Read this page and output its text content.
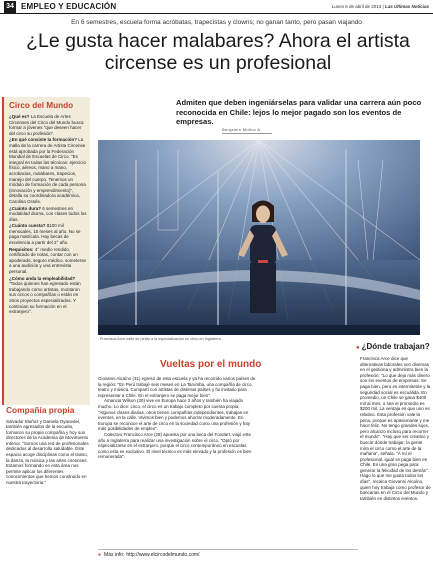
34 EMPLEO Y EDUCACIÓN	Lunes 6 de abril de 2013 | Las Últimas Noticias
En 6 semestres, escuela forma acróbatas, trapecistas y clowns; no ganan tanto, pero pasan viajando
¿Le gusta hacer malabares? Ahora el artista circense es un profesional
Admiten que deben ingeniárselas para validar una carrera aún poco reconocida en Chile: lejos lo mejor pagado son los eventos de empresas.
Benjamín Muñoz A.
Circo del Mundo
¿Qué es? La Escuela de Artes Circenses del Circo del Mundo busca formar a jóvenes "que deseen hacer del circo su profesión".
¿En qué consiste la formación? La malla de la carrera de Artista Circense está aprobada por la Federación Mundial de Escuelas de Circo. "Es integral en todas las técnicas: ejercicio físico, aéreos, mano a mano, acrobacias, malabares, trapecios, manejo del cuerpo. Tenemos un módulo de formación de cada persona (innovación y emprendimiento)", detalla su coordinadora académica, Carolina Ossés.
¿Cuánto dura? 6 semestres en modalidad diurna, con clases todos los días.
¿Cuánto cuesta? $100 mil mensuales, 10 meses al año. No se paga matrícula. Hay becas de excelencia a partir del 2° año.
Requisitos: 4° medio rendido, certificado de notas, contar con un apoderado, seguro médico, someterse a una audición y una entrevista personal.
¿Cómo anda la empleabilidad? "Todos quienes han egresado están trabajando como artistas, montaron sus circos o compañías o están en otros proyectos especializados. Y continúan su formación en el extranjero".
Francisca Arce saltó de pintar a la especialización en circo en Inglaterra.
Compañía propia
Salvador Muñoz y Daniela Oyanedel, también egresados de la escuela, formaron su propia compañía y hoy son directores de la Academia de Movimiento Interior. "Somos una red de profesionales dedicados al desarrollo saludable. Este espacio acoge disciplinas como el teatro, la danza, la música y las artes circenses. Estamos formando en esta área nos permite aplicar los diferentes conocimientos que hemos construido en nuestra trayectoria."
Vueltas por el mundo

Giovanni Alcaíno (31) egresó de esta escuela y ya ha recorrido varios países de la región: "En Perú trabajé seis meses en La Tarumba, una compañía de circo, teatro y música. Compartí con artistas de distintos países y fui invitado para representar a Chile. En el extranjero se paga mejor bien".

Amancia Wilson (30) vive en Europa hace 2 años y también ha viajado mucho. Lo dice: circo, el circo es un trabajo completo por cuenta propia: "Algunos clases diarias, otros tienen compañías independientes, trabajan en eventos, en la calle. Vivimos bien y podemos ahorrar moderadamente. En Europa se reconoce el arte de circo en la sociedad como una profesión y hay más posibilidades de empleo".

Colectivo Francisco Arce (28) apuesta por una beca del Fondart, viajó este año a Inglaterra para realizar una investigación sobre el circo. "Optó por especializarse en el extranjero, porque el circo contemporáneo en escuelas como esta es exclusivo. El nivel técnico es más elevado y la profesión es bien remunerada".

● Más info: http://www.elcircodelmundo.com/
● ¿Dónde trabajan?
Francisca Arce dice que alternativas laborales son diversas en el gestiona y administra bien la profesión: "Lo que deja más dinero son los eventos de empresas. Se paga bien, pero es intermitente y la seguridad social es escuálida. En promedio, un Chile se gana $400 mil al mes, o sea el promedio es $200 mil. La ventaja es que uno es relativo. Esta profesión vale la pena, porque es apasionante y me hace feliz. No tengo grandes lujos, pero alcanzo incluso para recorrer el mundo". "Hay que ser creativo y buscar dónde trabajar: la gente mira el circo como el arte de la mañana", señala. "A mí el profesional, igual se paga bien en Chile. Es una gran pega para generar la felicidad de los demás". Hago lo que me gusta todos los días", recalca Giovanni Alcaíno, quien hoy trabaja como profesor de bancarias en el Circo del Mundo y también en distintos eventos.
